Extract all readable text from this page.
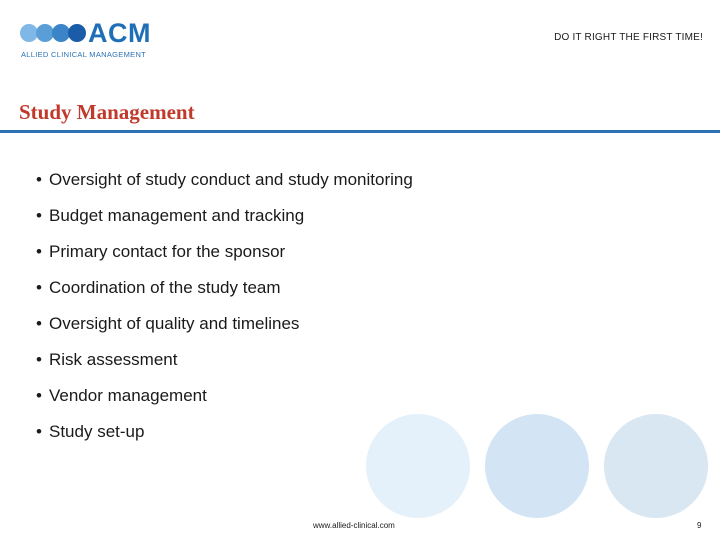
ACM
ALLIED CLINICAL MANAGEMENT
DO IT RIGHT THE FIRST TIME!
Study Management
• Oversight of study conduct and study monitoring
• Budget management and tracking
• Primary contact for the sponsor
• Coordination of the study team
• Oversight of quality and timelines
• Risk assessment
• Vendor management
• Study set-up
www.allied-clinical.com	9
